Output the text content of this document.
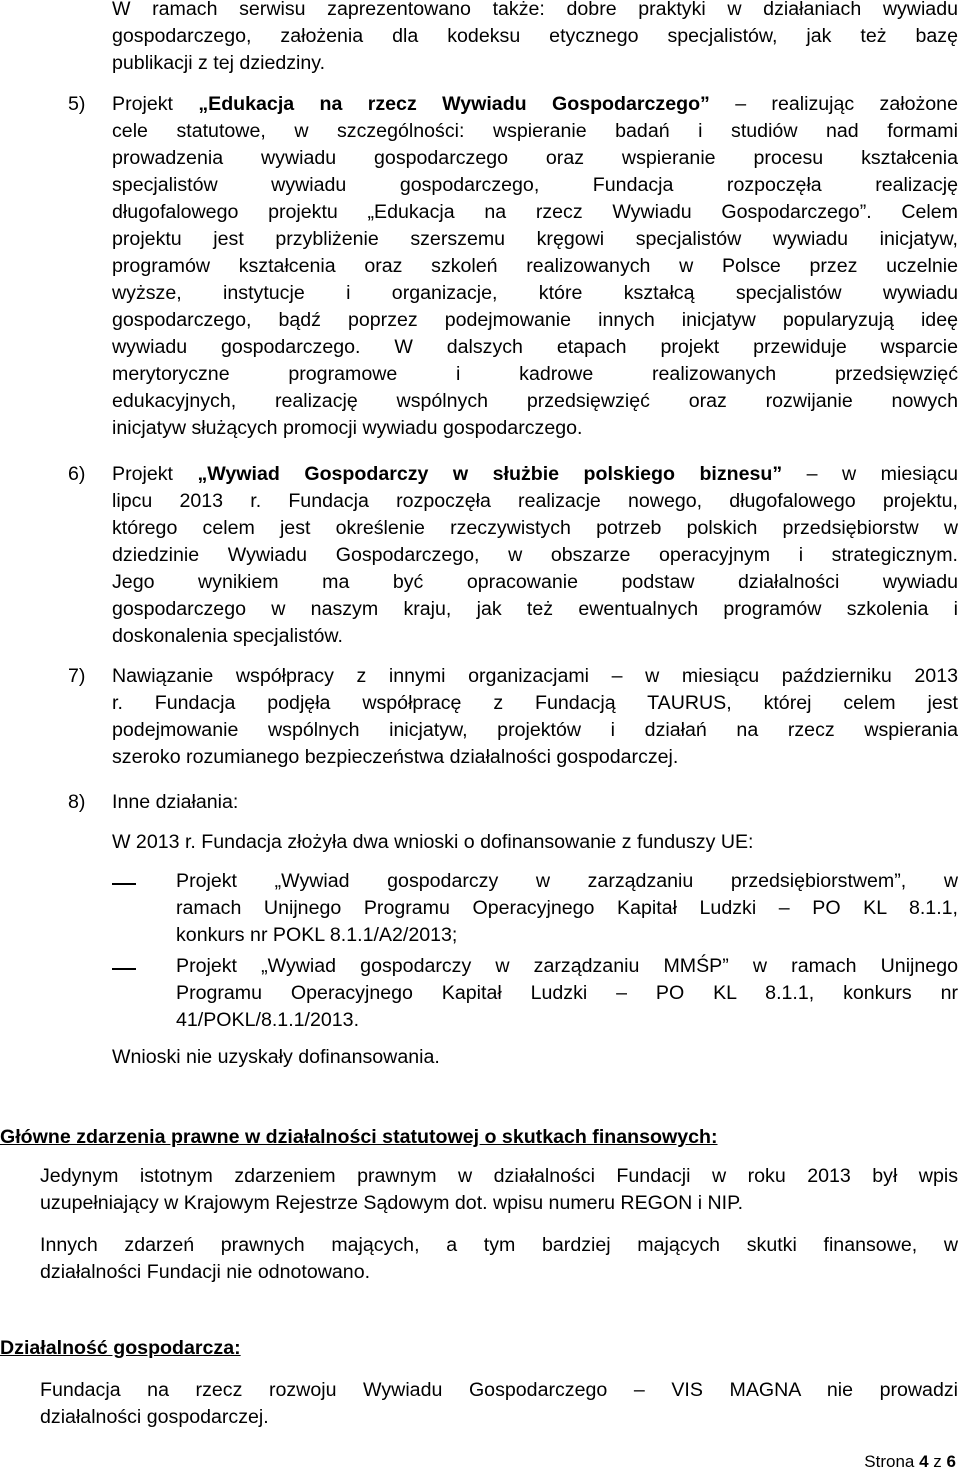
W ramach serwisu zaprezentowano także: dobre praktyki w działaniach wywiadu
gospodarczego, założenia dla kodeksu etycznego specjalistów, jak też bazę
publikacji z tej dziedziny.
5) Projekt „Edukacja na rzecz Wywiadu Gospodarczego” – realizując założone
cele statutowe, w szczególności: wspieranie badań i studiów nad formami
prowadzenia wywiadu gospodarczego oraz wspieranie procesu kształcenia
specjalistów wywiadu gospodarczego, Fundacja rozpoczęła realizację
długofalowego projektu „Edukacja na rzecz Wywiadu Gospodarczego”. Celem
projektu jest przybliżenie szerszemu kręgowi specjalistów wywiadu inicjatyw,
programów kształcenia oraz szkoleń realizowanych w Polsce przez uczelnie
wyższe, instytucje i organizacje, które kształcą specjalistów wywiadu
gospodarczego, bądź poprzez podejmowanie innych inicjatyw popularyzują ideę
wywiadu gospodarczego. W dalszych etapach projekt przewiduje wsparcie
merytoryczne programowe i kadrowe realizowanych przedsięwzięć
edukacyjnych, realizację wspólnych przedsięwzięć oraz rozwijanie nowych
inicjatyw służących promocji wywiadu gospodarczego.
6) Projekt „Wywiad Gospodarczy w służbie polskiego biznesu” – w miesiącu
lipcu 2013 r. Fundacja rozpoczęła realizacje nowego, długofalowego projektu,
którego celem jest określenie rzeczywistych potrzeb polskich przedsiębiorstw w
dziedzinie Wywiadu Gospodarczego, w obszarze operacyjnym i strategicznym.
Jego wynikiem ma być opracowanie podstaw działalności wywiadu
gospodarczego w naszym kraju, jak też ewentualnych programów szkolenia i
doskonalenia specjalistów.
7) Nawiązanie współpracy z innymi organizacjami – w miesiącu październiku 2013
r. Fundacja podjęła współpracę z Fundacją TAURUS, której celem jest
podejmowanie wspólnych inicjatyw, projektów i działań na rzecz wspierania
szeroko rozumianego bezpieczeństwa działalności gospodarczej.
8) Inne działania:
W 2013 r. Fundacja złożyła dwa wnioski o dofinansowanie z funduszy UE:
Projekt „Wywiad gospodarczy w zarządzaniu przedsiębiorstwem”, w
ramach Unijnego Programu Operacyjnego Kapitał Ludzki – PO KL 8.1.1,
konkurs nr POKL 8.1.1/A2/2013;
Projekt „Wywiad gospodarczy w zarządzaniu MMŚP” w ramach Unijnego
Programu Operacyjnego Kapitał Ludzki – PO KL 8.1.1, konkurs nr
41/POKL/8.1.1/2013.
Wnioski nie uzyskały dofinansowania.
Główne zdarzenia prawne w działalności statutowej o skutkach finansowych:
Jedynym istotnym zdarzeniem prawnym w działalności Fundacji w roku 2013 był wpis
uzupełniający w Krajowym Rejestrze Sądowym dot. wpisu numeru REGON i NIP.
Innych zdarzeń prawnych mających, a tym bardziej mających skutki finansowe, w
działalności Fundacji nie odnotowano.
Działalność gospodarcza:
Fundacja na rzecz rozwoju Wywiadu Gospodarczego – VIS MAGNA nie prowadzi
działalności gospodarczej.
Strona 4 z 6
